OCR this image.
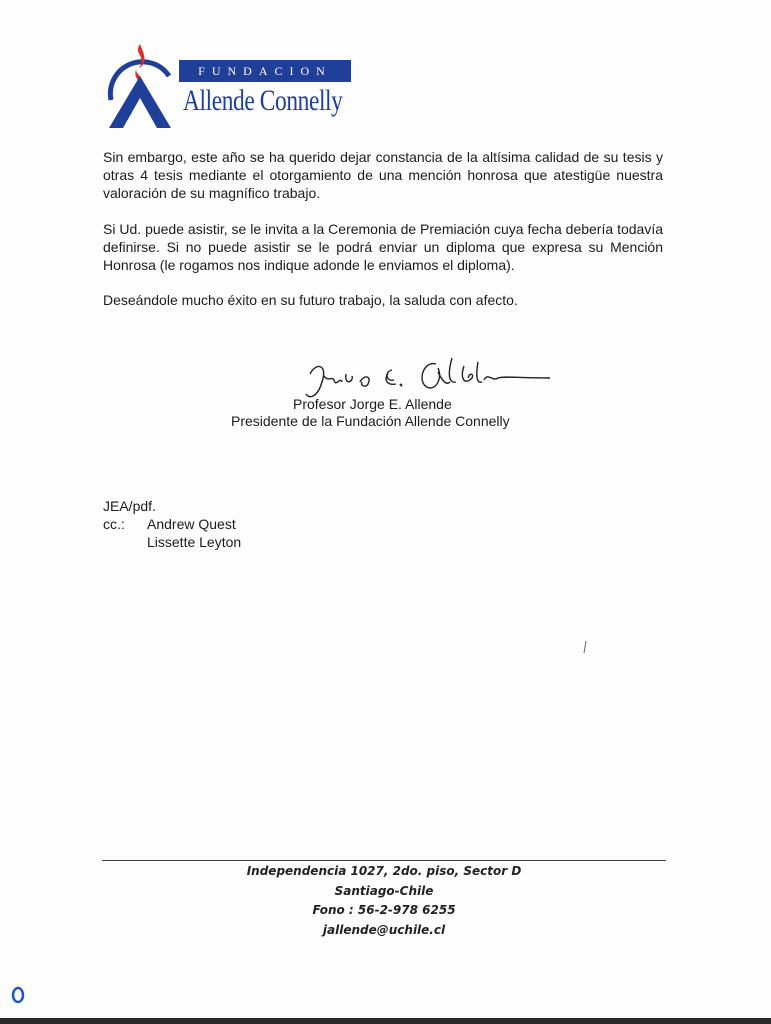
FUNDACION
Allende Connelly

Sin embargo, este año se ha querido dejar constancia de la altísima calidad de su tesis y otras 4 tesis mediante el otorgamiento de una mención honrosa que atestigüe nuestra valoración de su magnífico trabajo.

Si Ud. puede asistir, se le invita a la Ceremonia de Premiación cuya fecha debería todavía definirse. Si no puede asistir se le podrá enviar un diploma que expresa su Mención Honrosa (le rogamos nos indique adonde le enviamos el diploma).

Deseándole mucho éxito en su futuro trabajo, la saluda con afecto.

Profesor Jorge E. Allende
Presidente de la Fundación Allende Connelly
JEA/pdf.
cc.:	Andrew Quest
Lissette Leyton
Independencia 1027, 2do. piso, Sector D
Santiago-Chile
Fono : 56-2-978 6255
jallende@uchile.cl
